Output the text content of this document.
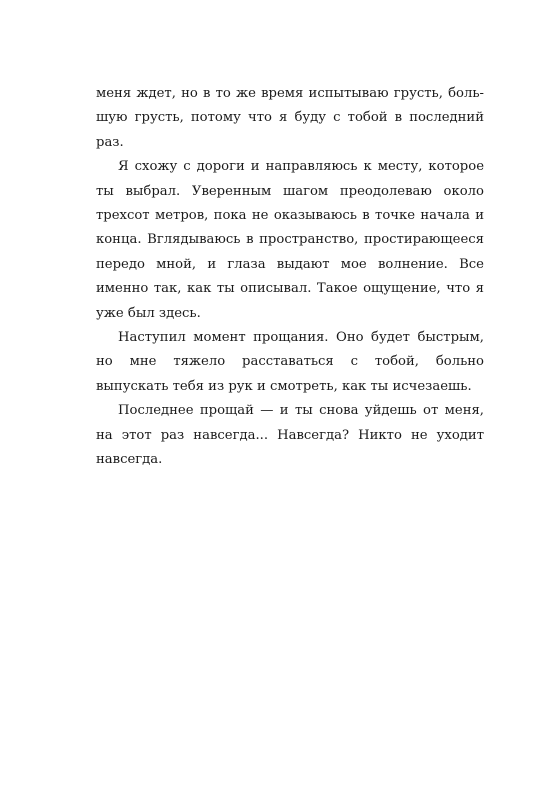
меня ждет, но в то же время испытываю грусть, большую грусть, потому что я буду с тобой в последний раз.

Я схожу с дороги и направляюсь к месту, которое ты выбрал. Уверенным шагом преодолеваю около трехсот метров, пока не оказываюсь в точке начала и конца. Вглядываюсь в пространство, простирающееся передо мной, и глаза выдают мое волнение. Все именно так, как ты описывал. Такое ощущение, что я уже был здесь.

Наступил момент прощания. Оно будет быстрым, но мне тяжело расставаться с тобой, больно выпускать тебя из рук и смотреть, как ты исчезаешь.

Последнее прощай — и ты снова уйдешь от меня, на этот раз навсегда... Навсегда? Никто не уходит навсегда.
